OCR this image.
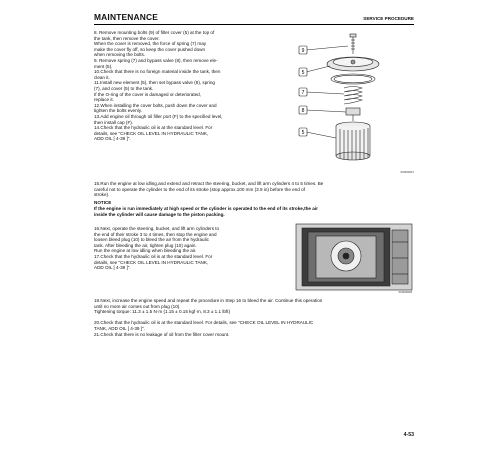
MAINTENANCE	SERVICE PROCEDURE
8. Remove mounting bolts (9) of filter cover (5) at the top of
the tank, then remove the cover.
When the cover is removed, the force of spring (7) may
make the cover fly off, so keep the cover pushed down
when removing the bolts.
9. Remove spring (7) and bypass valve (8), then remove ele-
ment (5).
10.Check that there is no foreign material inside the tank, then
clean it.
11.Install new element (5), then set bypass valve (8), spring
(7), and cover (5) to the tank.
If the O-ring of the cover is damaged or deteriorated,
replace it.
12.When installing the cover bolts, push down the cover and
tighten the bolts evenly.
13.Add engine oil through oil filler port (F) to the specified level,
then install cap (F).
14.Check that the hydraulic oil is at the standard level. For
details, see "CHECK OIL LEVEL IN HYDRAULIC TANK,
ADD OIL [ 4-39 ]".
9
5
7
8
5
XUR00047
15.Run the engine at low idling,and extend and retract the steering, bucket, and lift arm cylinders 4 to 5 times. Be
careful not to operate the cylinder to the end of its stroke (stop approx.100 mm (3.9 in) before the end of
stroke).
NOTICE
If the engine is run immediately at high speed or the cylinder is operated to the end of its stroke,the air
inside the cylinder will cause damage to the piston packing.
16.Next, operate the steering, bucket, and lift arm cylinders to
the end of their stroke 3 to 4 times, then stop the engine and
loosen bleed plug (10) to bleed the air from the hydraulic
tank. After bleeding the air, tighten plug (10) again.
Run the engine at low idling when bleeding the air.
17.Check that the hydraulic oil is at the standard level. For
details, see "CHECK OIL LEVEL IN HYDRAULIC TANK,
ADD OIL [ 4-39 ]".
XUR00048
18.Next, increase the engine speed and repeat the procedure in Step 16 to bleed the air. Continue this operation
until no more air comes out from plug (10).
Tightening torque: 11.3 ± 1.5 N·m {1.15 ± 0.15 kgf·m, 8.3 ± 1.1 lbft}

20.Check that the hydraulic oil is at the standard level. For details, see "CHECK OIL LEVEL IN HYDRAULIC
TANK, ADD OIL [ 4-39 ]".
21.Check that there is no leakage of oil from the filter cover mount.
4-53
